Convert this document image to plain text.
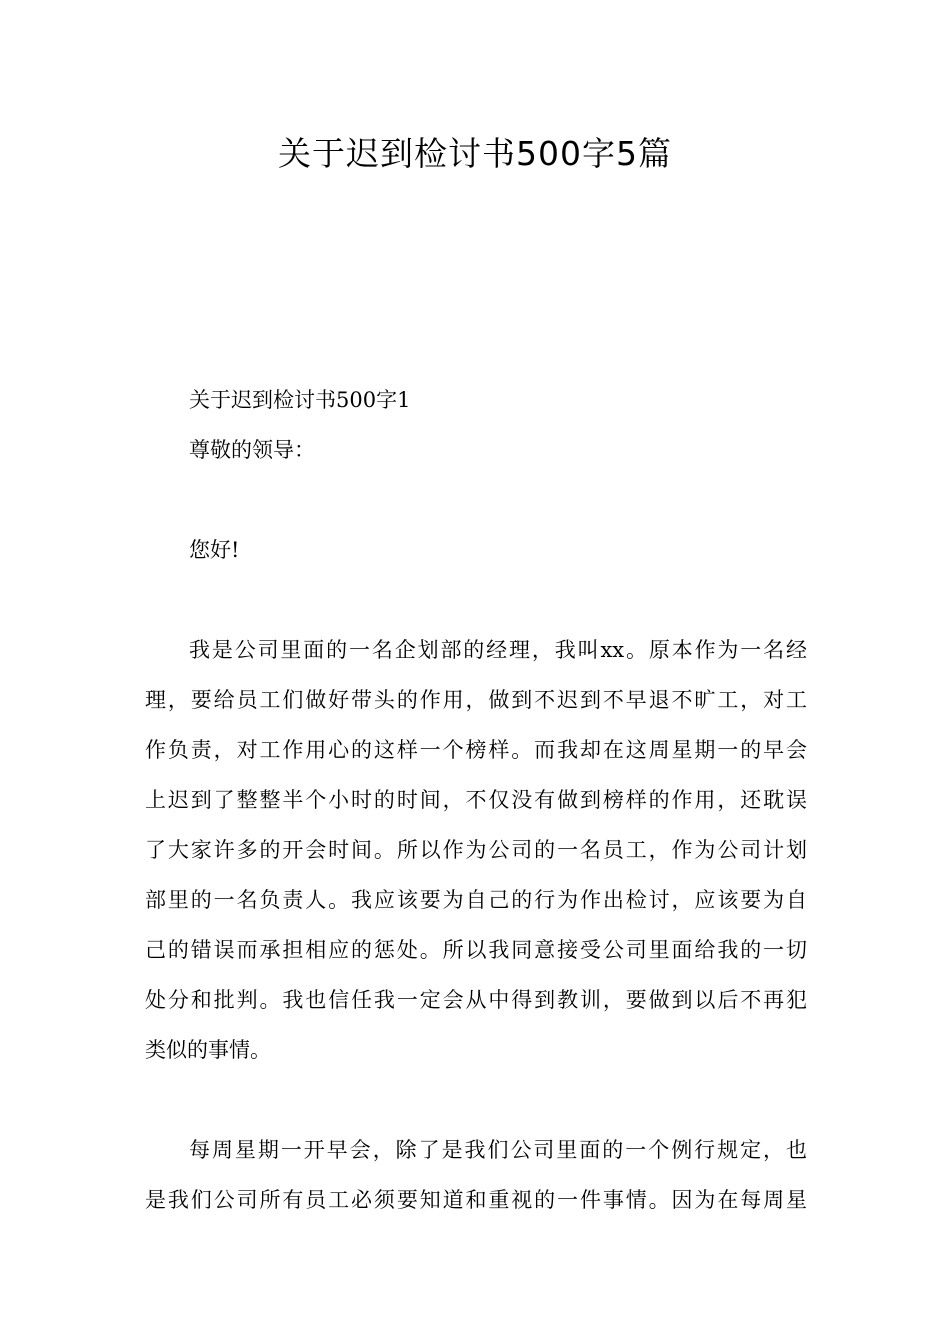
关于迟到检讨书500字5篇
关于迟到检讨书500字1
尊敬的领导：
您好!
我是公司里面的一名企划部的经理，我叫xx。原本作为一名经
理，要给员工们做好带头的作用，做到不迟到不早退不旷工，对工
作负责，对工作用心的这样一个榜样。而我却在这周星期一的早会
上迟到了整整半个小时的时间，不仅没有做到榜样的作用，还耽误
了大家许多的开会时间。所以作为公司的一名员工，作为公司计划
部里的一名负责人。我应该要为自己的行为作出检讨，应该要为自
己的错误而承担相应的惩处。所以我同意接受公司里面给我的一切
处分和批判。我也信任我一定会从中得到教训，要做到以后不再犯
类似的事情。
每周星期一开早会，除了是我们公司里面的一个例行规定，也
是我们公司所有员工必须要知道和重视的一件事情。因为在每周星
